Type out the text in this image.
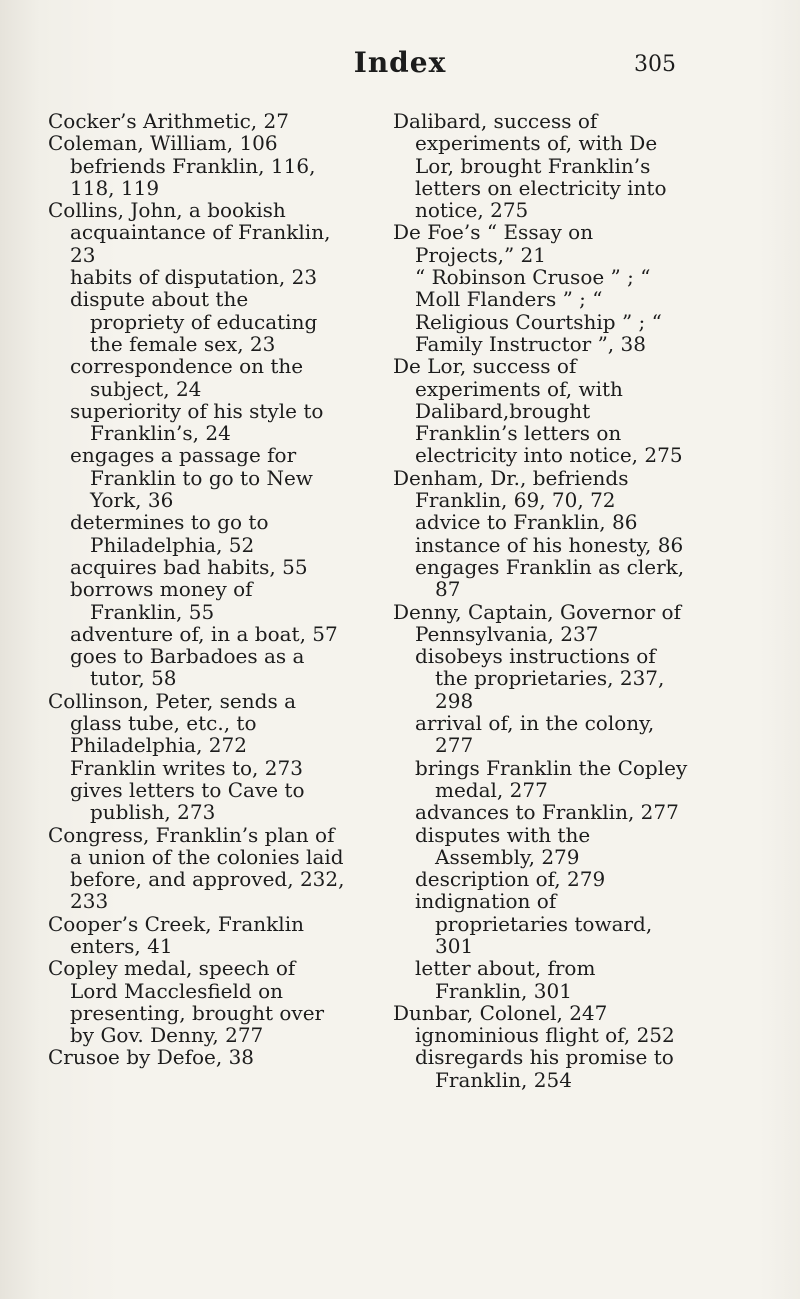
Index	305

Cocker’s Arithmetic, 27

Coleman, William, 106 befriends Franklin, 116, 118, 119

Collins, John, a bookish acquaintance of Franklin, 23

habits of disputation, 23

dispute about the propriety of educating the female sex, 23

correspondence on the subject, 24

superiority of his style to Franklin’s, 24

engages a passage for Franklin to go to New York, 36

determines to go to Philadelphia, 52

acquires bad habits, 55

borrows money of Franklin, 55

adventure of, in a boat, 57

goes to Barbadoes as a tutor, 58

Collinson, Peter, sends a glass tube, etc., to Philadelphia, 272

Franklin writes to, 273

gives letters to Cave to publish, 273

Congress, Franklin’s plan of a union of the colonies laid before, and approved, 232, 233

Cooper’s Creek, Franklin enters, 41

Copley medal, speech of Lord Macclesfield on presenting, brought over by Gov. Denny, 277

Crusoe by Defoe, 38

Dalibard, success of experiments of, with De Lor, brought Franklin’s letters on electricity into notice, 275

De Foe’s “ Essay on Projects,” 21

“ Robinson Crusoe ” ; “ Moll Flanders ” ; “ Religious Courtship ” ; “ Family Instructor ”, 38

De Lor, success of experiments of, with Dalibard,brought Franklin’s letters on electricity into notice, 275

Denham, Dr., befriends Franklin, 69, 70, 72

advice to Franklin, 86

instance of his honesty, 86

engages Franklin as clerk, 87

Denny, Captain, Governor of Pennsylvania, 237

disobeys instructions of the proprietaries, 237, 298

arrival of, in the colony, 277

brings Franklin the Copley medal, 277

advances to Franklin, 277

disputes with the Assembly, 279

description of, 279

indignation of proprietaries toward, 301

letter about, from Franklin, 301

Dunbar, Colonel, 247

ignominious flight of, 252

disregards his promise to Franklin, 254
